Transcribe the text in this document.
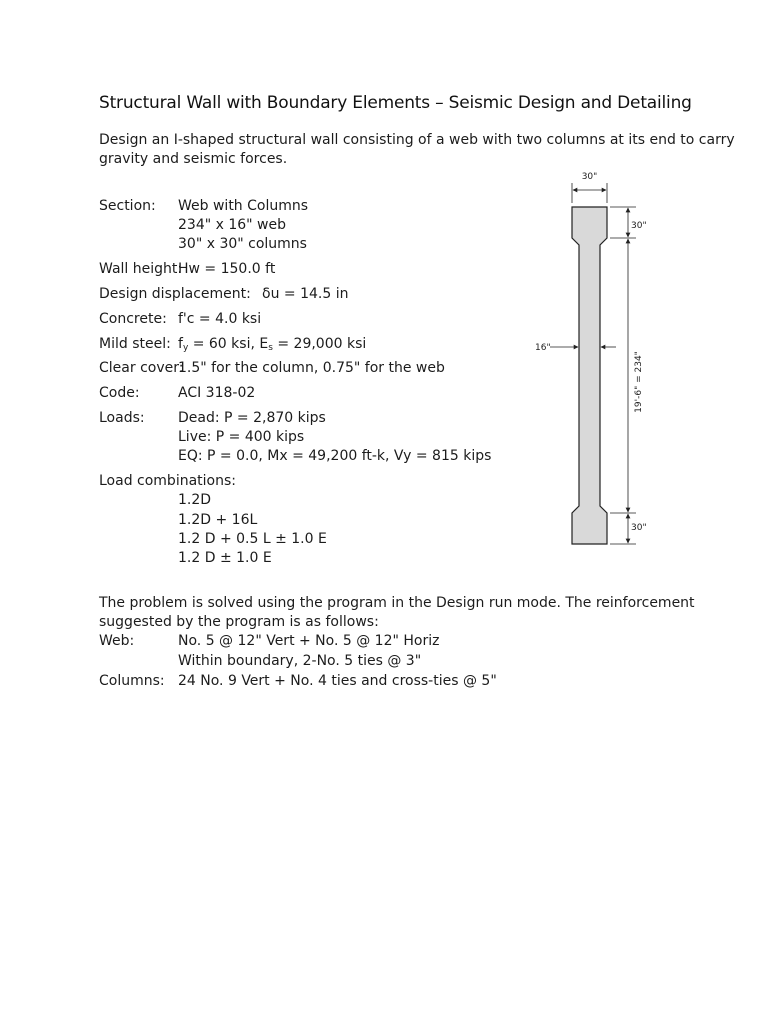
Structural Wall with Boundary Elements – Seismic Design and Detailing
Design an I-shaped structural wall consisting of a web with two columns at its end to carry
gravity and seismic forces.
Section: Web with Columns
234" x 16" web
30" x 30" columns
Wall height:
Hw = 150.0 ft
Design displacement: δu = 14.5 in
Concrete: f'c = 4.0 ksi
Mild steel: $f_y = 60$ ksi, $E_s = 29,000$ ksi
Clear cover:
1.5" for the column, 0.75" for the web
Code:	ACI 318-02
Loads: Dead: P = 2,870 kips
Live: P = 400 kips
EQ: P = 0.0, Mx = 49,200 ft-k, Vy = 815 kips
Load combinations:
1.2D
1.2D + 16L
1.2 D + 0.5 L ± 1.0 E
1.2 D ± 1.0 E
The problem is solved using the program in the Design run mode. The reinforcement
suggested by the program is as follows:
Web:	No. 5 @ 12" Vert + No. 5 @ 12" Horiz
Within boundary, 2-No. 5 ties @ 3"
Columns: 24 No. 9 Vert + No. 4 ties and cross-ties @ 5"
30"
30"
19'-6" = 234"
30"
16"
